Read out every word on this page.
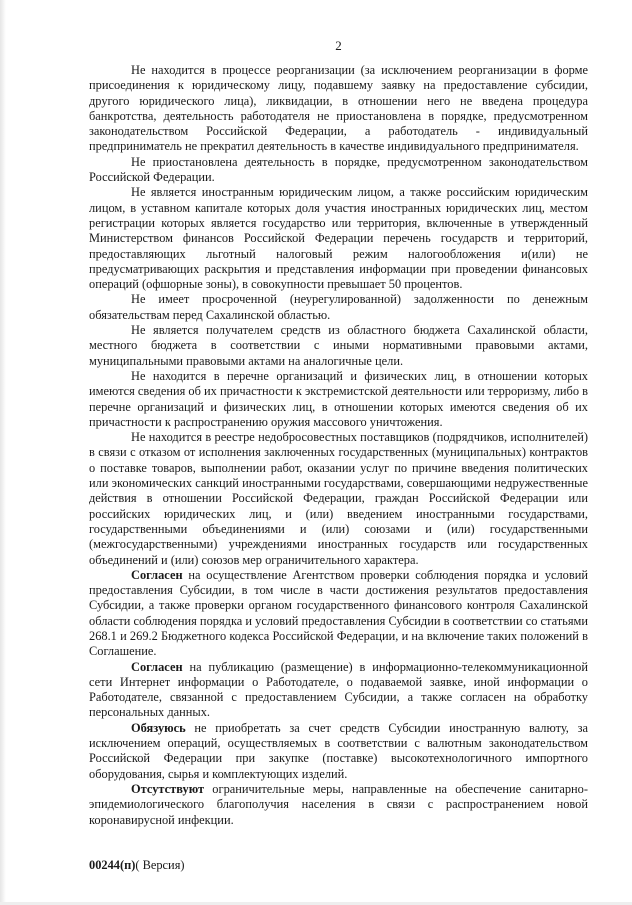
2

Не находится в процессе реорганизации (за исключением реорганизации в форме присоединения к юридическому лицу, подавшему заявку на предоставление субсидии, другого юридического лица), ликвидации, в отношении него не введена процедура банкротства, деятельность работодателя не приостановлена в порядке, предусмотренном законодательством Российской Федерации, а работодатель - индивидуальный предприниматель не прекратил деятельность в качестве индивидуального предпринимателя.

Не приостановлена деятельность в порядке, предусмотренном законодательством Российской Федерации.

Не является иностранным юридическим лицом, а также российским юридическим лицом, в уставном капитале которых доля участия иностранных юридических лиц, местом регистрации которых является государство или территория, включенные в утвержденный Министерством финансов Российской Федерации перечень государств и территорий, предоставляющих льготный налоговый режим налогообложения и(или) не предусматривающих раскрытия и представления информации при проведении финансовых операций (офшорные зоны), в совокупности превышает 50 процентов.

Не имеет просроченной (неурегулированной) задолженности по денежным обязательствам перед Сахалинской областью.

Не является получателем средств из областного бюджета Сахалинской области, местного бюджета в соответствии с иными нормативными правовыми актами, муниципальными правовыми актами на аналогичные цели.

Не находится в перечне организаций и физических лиц, в отношении которых имеются сведения об их причастности к экстремистской деятельности или терроризму, либо в перечне организаций и физических лиц, в отношении которых имеются сведения об их причастности к распространению оружия массового уничтожения.

Не находится в реестре недобросовестных поставщиков (подрядчиков, исполнителей) в связи с отказом от исполнения заключенных государственных (муниципальных) контрактов о поставке товаров, выполнении работ, оказании услуг по причине введения политических или экономических санкций иностранными государствами, совершающими недружественные действия в отношении Российской Федерации, граждан Российской Федерации или российских юридических лиц, и (или) введением иностранными государствами, государственными объединениями и (или) союзами и (или) государственными (межгосударственными) учреждениями иностранных государств или государственных объединений и (или) союзов мер ограничительного характера.

Согласен на осуществление Агентством проверки соблюдения порядка и условий предоставления Субсидии, в том числе в части достижения результатов предоставления Субсидии, а также проверки органом государственного финансового контроля Сахалинской области соблюдения порядка и условий предоставления Субсидии в соответствии со статьями 268.1 и 269.2 Бюджетного кодекса Российской Федерации, и на включение таких положений в Соглашение.

Согласен на публикацию (размещение) в информационно-телекоммуникационной сети Интернет информации о Работодателе, о подаваемой заявке, иной информации о Работодателе, связанной с предоставлением Субсидии, а также согласен на обработку персональных данных.

Обязуюсь не приобретать за счет средств Субсидии иностранную валюту, за исключением операций, осуществляемых в соответствии с валютным законодательством Российской Федерации при закупке (поставке) высокотехнологичного импортного оборудования, сырья и комплектующих изделий.

Отсутствуют ограничительные меры, направленные на обеспечение санитарно-эпидемиологического благополучия населения в связи с распространением новой коронавирусной инфекции.

00244(п)( Версия)
